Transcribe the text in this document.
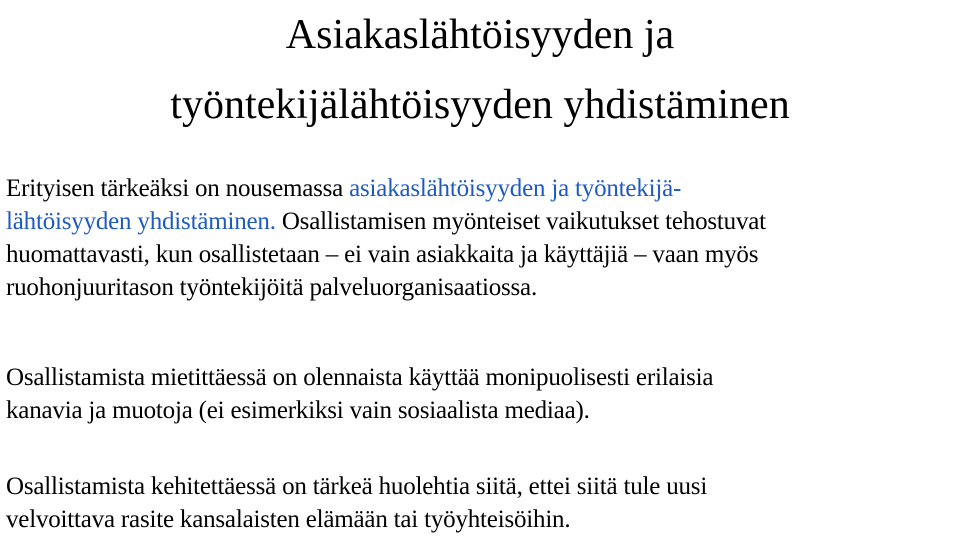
Asiakaslähtöisyyden ja
työntekijälähtöisyyden yhdistäminen

Erityisen tärkeäksi on nousemassa asiakaslähtöisyyden ja työntekijä-
lähtöisyyden yhdistäminen. Osallistamisen myönteiset vaikutukset tehostuvat
huomattavasti, kun osallistetaan – ei vain asiakkaita ja käyttäjiä – vaan myös
ruohonjuuritason työntekijöitä palveluorganisaatiossa.

Osallistamista mietittäessä on olennaista käyttää monipuolisesti erilaisia
kanavia ja muotoja (ei esimerkiksi vain sosiaalista mediaa).

Osallistamista kehitettäessä on tärkeä huolehtia siitä, ettei siitä tule uusi
velvoittava rasite kansalaisten elämään tai työyhteisöihin.
